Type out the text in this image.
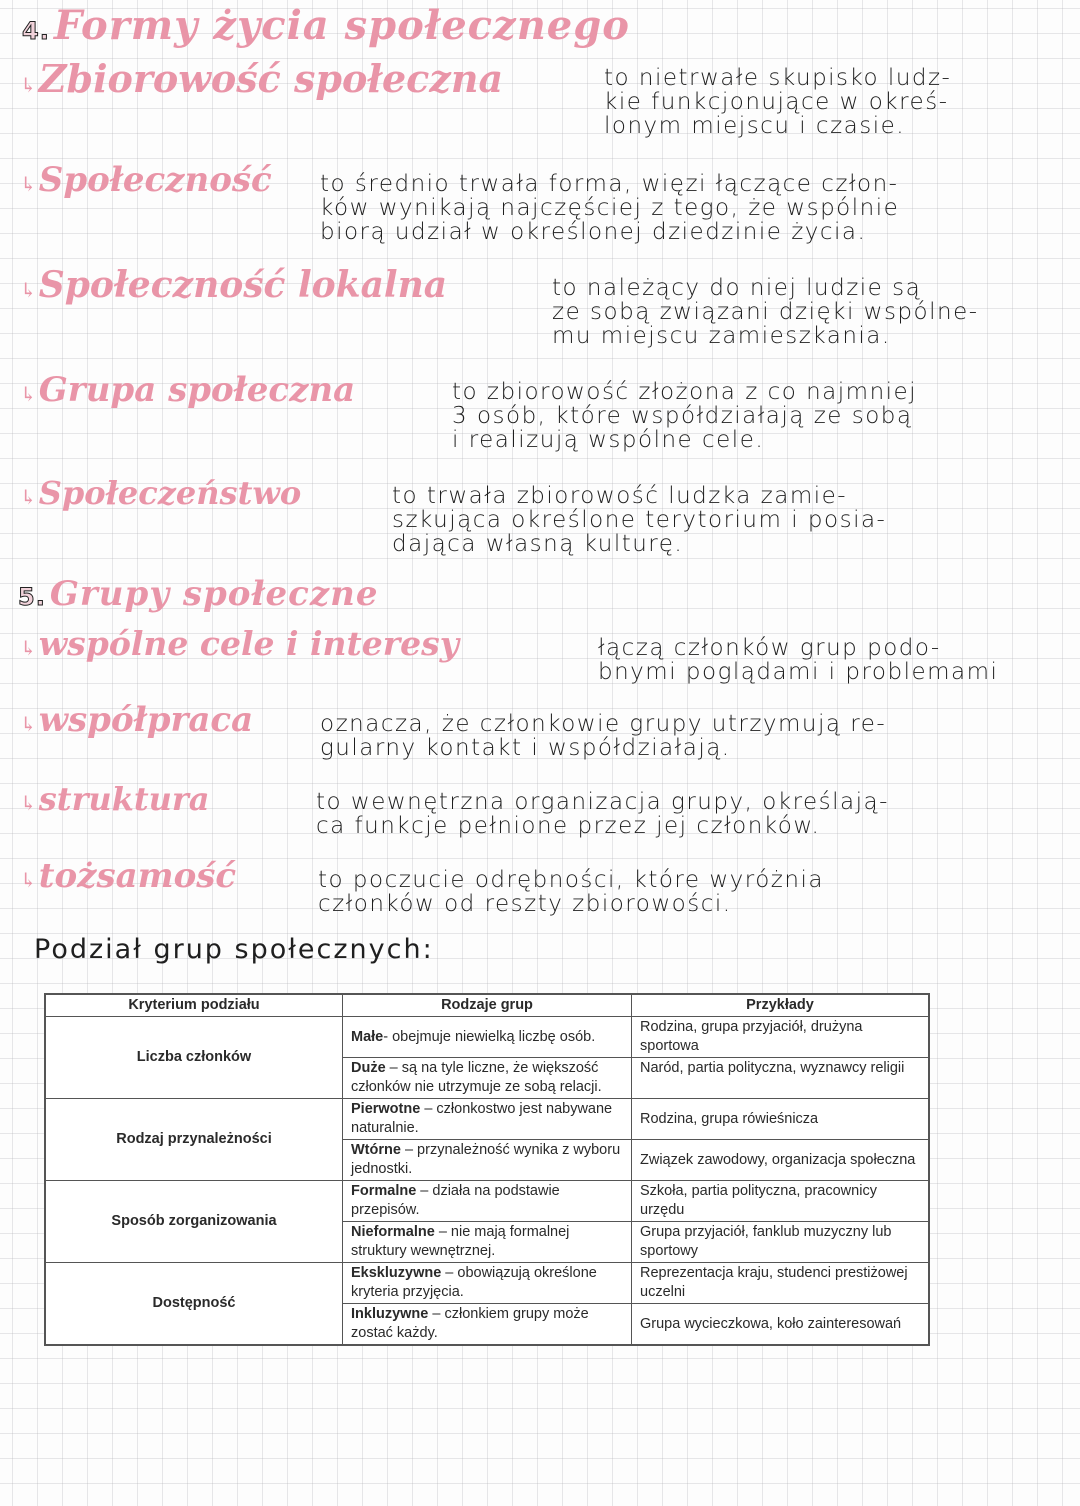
4. Formy życia społecznego
↳Zbiorowość społeczna	to nietrwałe skupisko ludz-
kie funkcjonujące w okreś-
lonym miejscu i czasie.
↳Społeczność to średnio trwała forma, więzi łączące człon-
ków wynikają najczęściej z tego, że wspólnie
biorą udział w określonej dziedzinie życia.
↳Społeczność lokalna	to należący do niej ludzie są
ze sobą związani dzięki wspólne-
mu miejscu zamieszkania.
↳Grupa społeczna	to zbiorowość złożona z co najmniej
3 osób, które współdziałają ze sobą
i realizują wspólne cele.
↳Społeczeństwo	to trwała zbiorowość ludzka zamie-
szkująca określone terytorium i posia-
dająca własną kulturę.
5. Grupy społeczne
↳wspólne cele i interesy	łączą członków grup podo-
bnymi poglądami i problemami
↳współpraca	oznacza, że członkowie grupy utrzymują re-
gularny kontakt i współdziałają.
↳struktura	to wewnętrzna organizacja grupy, określają-
ca funkcje pełnione przez jej członków.
↳tożsamość	to poczucie odrębności, które wyróżnia
członków od reszty zbiorowości.
Podział grup społecznych:
Kryterium podziału	Rodzaje grup	Przykłady
Liczba członków	Małe- obejmuje niewielką liczbę osób.	Rodzina, grupa przyjaciół, drużyna sportowa
	Duże – są na tyle liczne, że większość członków nie utrzymuje ze sobą relacji.	Naród, partia polityczna, wyznawcy religii
Rodzaj przynależności	Pierwotne – członkostwo jest nabywane naturalnie.	Rodzina, grupa rówieśnicza
	Wtórne – przynależność wynika z wyboru jednostki.	Związek zawodowy, organizacja społeczna
Sposób zorganizowania	Formalne – działa na podstawie przepisów.	Szkoła, partia polityczna, pracownicy urzędu
	Nieformalne – nie mają formalnej struktury wewnętrznej.	Grupa przyjaciół, fanklub muzyczny lub sportowy
Dostępność	Ekskluzywne – obowiązują określone kryteria przyjęcia.	Reprezentacja kraju, studenci prestiżowej uczelni
	Inkluzywne – członkiem grupy może zostać każdy.	Grupa wycieczkowa, koło zainteresowań
